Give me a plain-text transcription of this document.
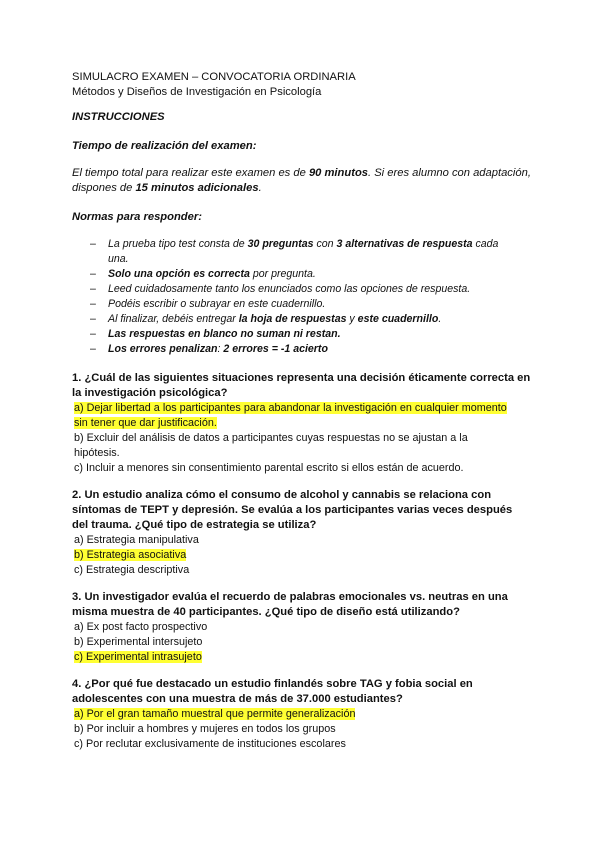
SIMULACRO EXAMEN – CONVOCATORIA ORDINARIA

Métodos y Diseños de Investigación en Psicología

INSTRUCCIONES

Tiempo de realización del examen:

El tiempo total para realizar este examen es de 90 minutos. Si eres alumno con adaptación,

dispones de 15 minutos adicionales.

Normas para responder:

– La prueba tipo test consta de 30 preguntas con 3 alternativas de respuesta cada
una.
– Solo una opción es correcta por pregunta.
– Leed cuidadosamente tanto los enunciados como las opciones de respuesta.
– Podéis escribir o subrayar en este cuadernillo.
– Al finalizar, debéis entregar la hoja de respuestas y este cuadernillo.
– Las respuestas en blanco no suman ni restan.
– Los errores penalizan: 2 errores = -1 acierto

1. ¿Cuál de las siguientes situaciones representa una decisión éticamente correcta en

la investigación psicológica?

a) Dejar libertad a los participantes para abandonar la investigación en cualquier momento
sin tener que dar justificación.

b) Excluir del análisis de datos a participantes cuyas respuestas no se ajustan a la
hipótesis.

c) Incluir a menores sin consentimiento parental escrito si ellos están de acuerdo.

2. Un estudio analiza cómo el consumo de alcohol y cannabis se relaciona con

síntomas de TEPT y depresión. Se evalúa a los participantes varias veces después

del trauma. ¿Qué tipo de estrategia se utiliza?

a) Estrategia manipulativa

b) Estrategia asociativa

c) Estrategia descriptiva

3. Un investigador evalúa el recuerdo de palabras emocionales vs. neutras en una

misma muestra de 40 participantes. ¿Qué tipo de diseño está utilizando?

a) Ex post facto prospectivo

b) Experimental intersujeto

c) Experimental intrasujeto

4. ¿Por qué fue destacado un estudio finlandés sobre TAG y fobia social en

adolescentes con una muestra de más de 37.000 estudiantes?

a) Por el gran tamaño muestral que permite generalización

b) Por incluir a hombres y mujeres en todos los grupos

c) Por reclutar exclusivamente de instituciones escolares
